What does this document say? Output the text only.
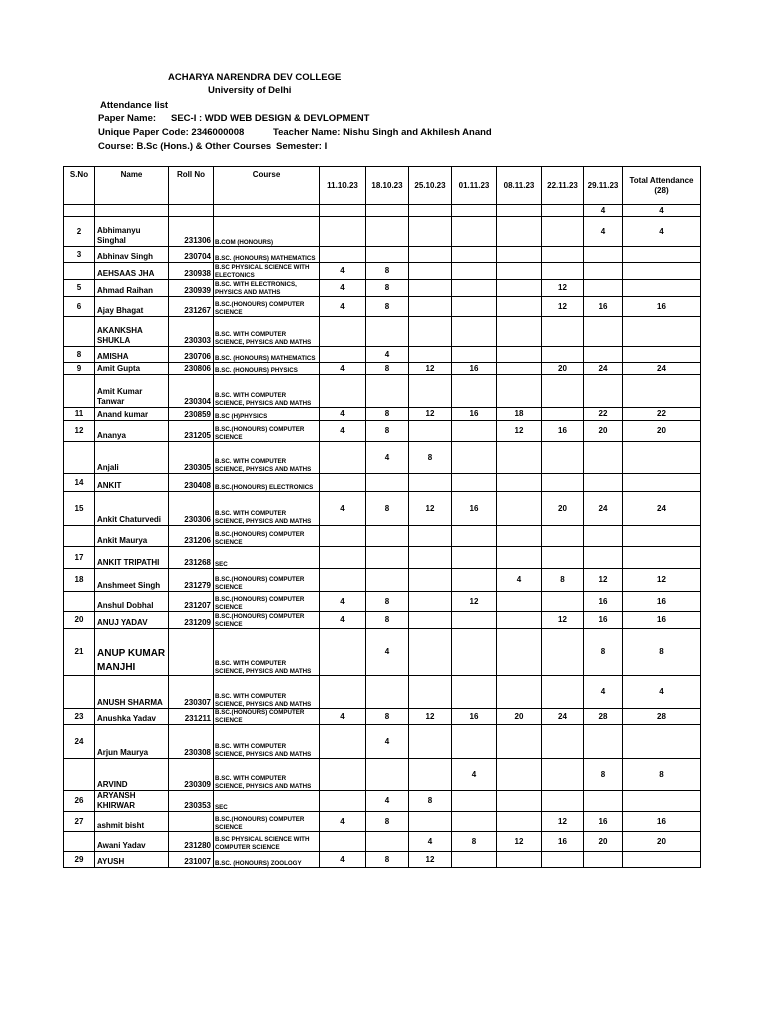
ACHARYA NARENDRA DEV COLLEGE
University of Delhi
Attendance list
Paper Name: SEC-I : WDD WEB DESIGN & DEVLOPMENT
Unique Paper Code: 2346000008	Teacher Name: Nishu Singh and Akhilesh Anand
Course: B.Sc (Hons.) & Other Courses Semester: I
S.No	Name	Roll No	Course	11.10.23	18.10.23	25.10.23	01.11.23	08.11.23	22.11.23	29.11.23	Total Attendance (28)
										4	4
2	Abhimanyu Singhal	231306	B.COM (HONOURS)							4	4
3	Abhinav Singh	230704	B.SC. (HONOURS) MATHEMATICS								
	AEHSAAS JHA	230938	B.SC PHYSICAL SCIENCE WITH ELECTONICS	4	8						
5	Ahmad Raihan	230939	B.SC. WITH ELECTRONICS, PHYSICS AND MATHS	4	8				12		
6	Ajay Bhagat	231267	B.SC.(HONOURS) COMPUTER SCIENCE	4	8				12	16	16
	AKANKSHA SHUKLA	230303	B.SC. WITH COMPUTER SCIENCE, PHYSICS AND MATHS								
8	AMISHA	230706	B.SC. (HONOURS) MATHEMATICS		4						
9	Amit Gupta	230806	B.SC. (HONOURS) PHYSICS	4	8	12	16		20	24	24
	Amit Kumar Tanwar	230304	B.SC. WITH COMPUTER SCIENCE, PHYSICS AND MATHS								
11	Anand kumar	230859	B.SC (H)PHYSICS	4	8	12	16	18		22	22
12	Ananya	231205	B.SC.(HONOURS) COMPUTER SCIENCE	4	8			12	16	20	20
	Anjali	230305	B.SC. WITH COMPUTER SCIENCE, PHYSICS AND MATHS		4	8					
14	ANKIT	230408	B.SC.(HONOURS) ELECTRONICS								
15	Ankit Chaturvedi	230306	B.SC. WITH COMPUTER SCIENCE, PHYSICS AND MATHS	4	8	12	16		20	24	24
	Ankit Maurya	231206	B.SC.(HONOURS) COMPUTER SCIENCE								
17	ANKIT TRIPATHI	231268	SEC								
18	Anshmeet Singh	231279	B.SC.(HONOURS) COMPUTER SCIENCE					4	8	12	12
	Anshul Dobhal	231207	B.SC.(HONOURS) COMPUTER SCIENCE	4	8		12			16	16
20	ANUJ YADAV	231209	B.SC.(HONOURS) COMPUTER SCIENCE	4	8				12	16	16
21	ANUP KUMAR MANJHI		B.SC. WITH COMPUTER SCIENCE, PHYSICS AND MATHS		4					8	8
	ANUSH SHARMA	230307	B.SC. WITH COMPUTER SCIENCE, PHYSICS AND MATHS							4	4
23	Anushka Yadav	231211	B.SC.(HONOURS) COMPUTER SCIENCE	4	8	12	16	20	24	28	28
24	Arjun Maurya	230308	B.SC. WITH COMPUTER SCIENCE, PHYSICS AND MATHS		4						
	ARVIND	230309	B.SC. WITH COMPUTER SCIENCE, PHYSICS AND MATHS				4			8	8
26	ARYANSH KHIRWAR	230353	SEC		4	8					
27	ashmit bisht		B.SC.(HONOURS) COMPUTER SCIENCE	4	8				12	16	16
	Awani Yadav	231280	B.SC PHYSICAL SCIENCE WITH COMPUTER SCIENCE			4	8	12	16	20	20
29	AYUSH	231007	B.SC. (HONOURS) ZOOLOGY	4	8	12					
